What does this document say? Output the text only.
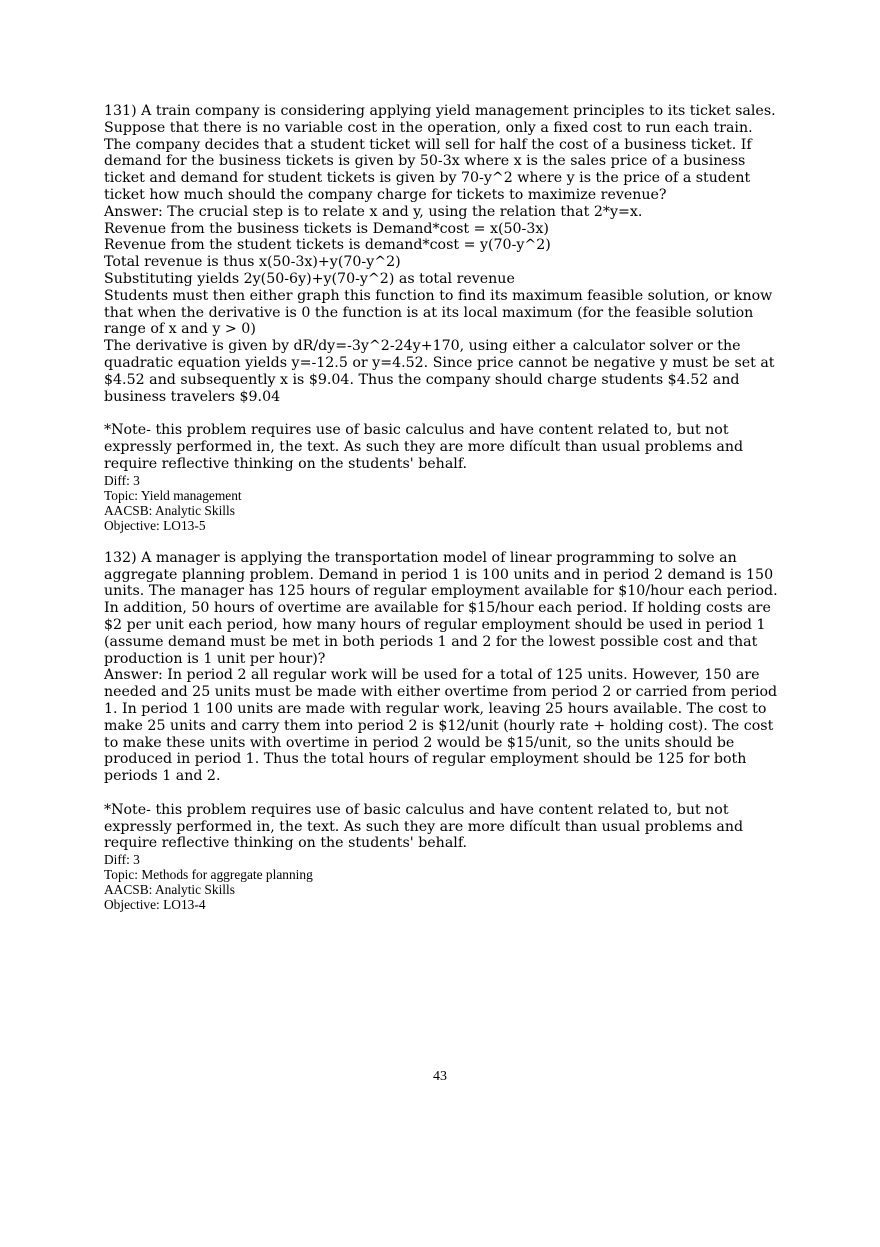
131) A train company is considering applying yield management principles to its ticket sales. Suppose that there is no variable cost in the operation, only a fixed cost to run each train. The company decides that a student ticket will sell for half the cost of a business ticket. If demand for the business tickets is given by 50-3x where x is the sales price of a business ticket and demand for student tickets is given by 70-y^2 where y is the price of a student ticket how much should the company charge for tickets to maximize revenue?

Answer: The crucial step is to relate x and y, using the relation that 2*y=x.

Revenue from the business tickets is Demand*cost = x(50-3x)

Revenue from the student tickets is demand*cost = y(70-y^2)

Total revenue is thus x(50-3x)+y(70-y^2)

Substituting yields 2y(50-6y)+y(70-y^2) as total revenue

Students must then either graph this function to find its maximum feasible solution, or know that when the derivative is 0 the function is at its local maximum (for the feasible solution range of x and y > 0)

The derivative is given by dR/dy=-3y^2-24y+170, using either a calculator solver or the quadratic equation yields y=-12.5 or y=4.52. Since price cannot be negative y must be set at $4.52 and subsequently x is $9.04. Thus the company should charge students $4.52 and business travelers $9.04

*Note- this problem requires use of basic calculus and have content related to, but not expressly performed in, the text. As such they are more difícult than usual problems and require reflective thinking on the students' behalf.

Diff: 3

Topic: Yield management

AACSB: Analytic Skills

Objective: LO13-5

132) A manager is applying the transportation model of linear programming to solve an aggregate planning problem. Demand in period 1 is 100 units and in period 2 demand is 150 units. The manager has 125 hours of regular employment available for $10/hour each period. In addition, 50 hours of overtime are available for $15/hour each period. If holding costs are $2 per unit each period, how many hours of regular employment should be used in period 1 (assume demand must be met in both periods 1 and 2 for the lowest possible cost and that production is 1 unit per hour)?

Answer: In period 2 all regular work will be used for a total of 125 units. However, 150 are needed and 25 units must be made with either overtime from period 2 or carried from period 1. In period 1 100 units are made with regular work, leaving 25 hours available. The cost to make 25 units and carry them into period 2 is $12/unit (hourly rate + holding cost). The cost to make these units with overtime in period 2 would be $15/unit, so the units should be produced in period 1. Thus the total hours of regular employment should be 125 for both periods 1 and 2.

*Note- this problem requires use of basic calculus and have content related to, but not expressly performed in, the text. As such they are more difícult than usual problems and require reflective thinking on the students' behalf.

Diff: 3

Topic: Methods for aggregate planning

AACSB: Analytic Skills

Objective: LO13-4

43
